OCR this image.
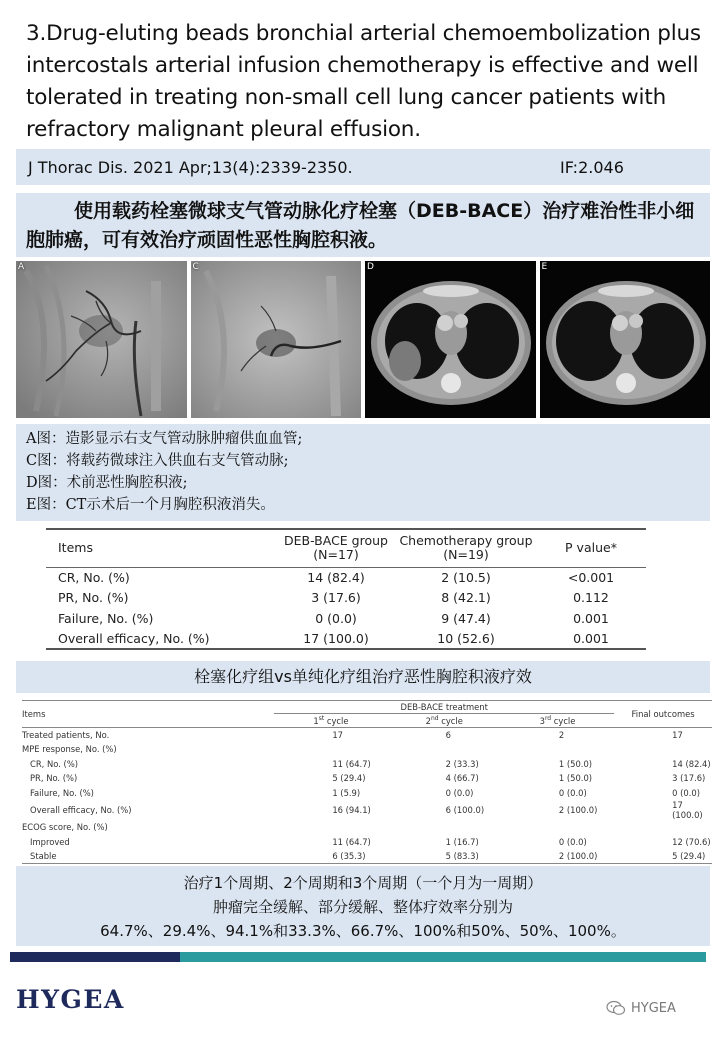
3.Drug-eluting beads bronchial arterial chemoembolization plus intercostals arterial infusion chemotherapy is effective and well tolerated in treating non-small cell lung cancer patients with refractory malignant pleural effusion.
J Thorac Dis. 2021 Apr;13(4):2339-2350.	IF:2.046
使用载药栓塞微球支气管动脉化疗栓塞（DEB-BACE）治疗难治性非小细胞肺癌，可有效治疗顽固性恶性胸腔积液。
A	C	D	E
A图：造影显示右支气管动脉肿瘤供血血管;
C图：将载药微球注入供血右支气管动脉;
D图：术前恶性胸腔积液;
E图：CT示术后一个月胸腔积液消失。
Items	DEB-BACE group (N=17)	Chemotherapy group (N=19)	P value*
CR, No. (%)	14 (82.4)	2 (10.5)	<0.001
PR, No. (%)	3 (17.6)	8 (42.1)	0.112
Failure, No. (%)	0 (0.0)	9 (47.4)	0.001
Overall efficacy, No. (%)	17 (100.0)	10 (52.6)	0.001
栓塞化疗组vs单纯化疗组治疗恶性胸腔积液疗效
Items	DEB-BACE treatment			Final outcomes
	1st cycle	2nd cycle	3rd cycle	
Treated patients, No.	17	6	2	17
MPE response, No. (%)				
CR, No. (%)	11 (64.7)	2 (33.3)	1 (50.0)	14 (82.4)
PR, No. (%)	5 (29.4)	4 (66.7)	1 (50.0)	3 (17.6)
Failure, No. (%)	1 (5.9)	0 (0.0)	0 (0.0)	0 (0.0)
Overall efficacy, No. (%)	16 (94.1)	6 (100.0)	2 (100.0)	17 (100.0)
ECOG score, No. (%)				
Improved	11 (64.7)	1 (16.7)	0 (0.0)	12 (70.6)
Stable	6 (35.3)	5 (83.3)	2 (100.0)	5 (29.4)
治疗1个周期、2个周期和3个周期（一个月为一周期）
肿瘤完全缓解、部分缓解、整体疗效率分别为
64.7%、29.4%、94.1%和33.3%、66.7%、100%和50%、50%、100%。
HYGEA	HYGEA
